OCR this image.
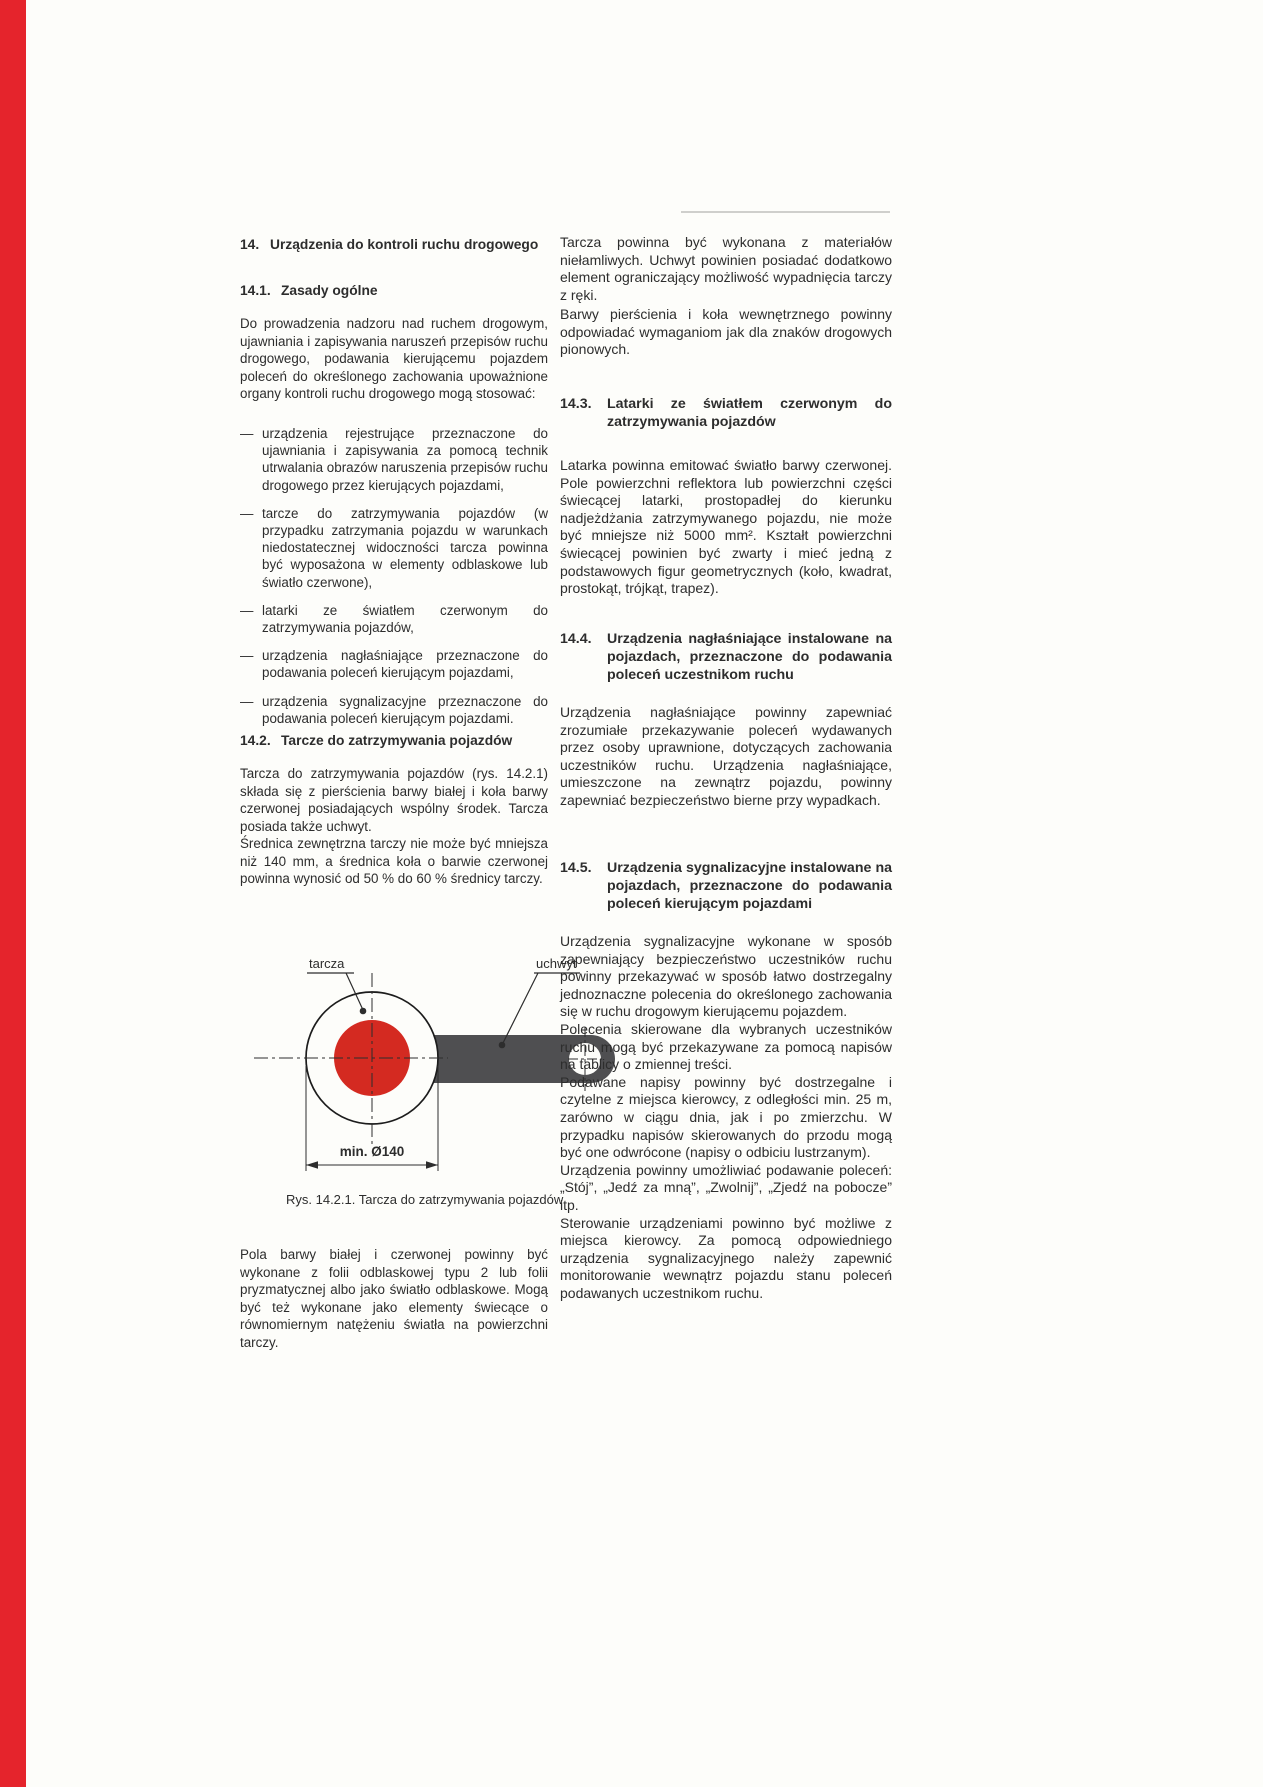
14. Urządzenia do kontroli ruchu drogowego
14.1. Zasady ogólne

Do prowadzenia nadzoru nad ruchem drogowym, ujawniania i zapisywania naruszeń przepisów ruchu drogowego, podawania kierującemu pojazdem poleceń do określonego zachowania upoważnione organy kontroli ruchu drogowego mogą stosować:

— urządzenia rejestrujące przeznaczone do ujawniania i zapisywania za pomocą technik utrwalania obrazów naruszenia przepisów ruchu drogowego przez kierujących pojazdami,
— tarcze do zatrzymywania pojazdów (w przypadku zatrzymania pojazdu w warunkach niedostatecznej widoczności tarcza powinna być wyposażona w elementy odblaskowe lub światło czerwone),
— latarki ze światłem czerwonym do zatrzymywania pojazdów,
— urządzenia nagłaśniające przeznaczone do podawania poleceń kierującym pojazdami,
— urządzenia sygnalizacyjne przeznaczone do podawania poleceń kierującym pojazdami.
14.2. Tarcze do zatrzymywania pojazdów

Tarcza do zatrzymywania pojazdów (rys. 14.2.1) składa się z pierścienia barwy białej i koła barwy czerwonej posiadających wspólny środek. Tarcza posiada także uchwyt.

Średnica zewnętrzna tarczy nie może być mniejsza niż 140 mm, a średnica koła o barwie czerwonej powinna wynosić od 50 % do 60 % średnicy tarczy.

min. Ø140
tarcza	uchwyt
Rys. 14.2.1. Tarcza do zatrzymywania pojazdów

Pola barwy białej i czerwonej powinny być wykonane z folii odblaskowej typu 2 lub folii pryzmatycznej albo jako światło odblaskowe. Mogą być też wykonane jako elementy świecące o równomiernym natężeniu światła na powierzchni tarczy.

Tarcza powinna być wykonana z materiałów niełamliwych. Uchwyt powinien posiadać dodatkowo element ograniczający możliwość wypadnięcia tarczy z ręki.

Barwy pierścienia i koła wewnętrznego powinny odpowiadać wymaganiom jak dla znaków drogowych pionowych.

14.3.	Latarki ze światłem czerwonym do zatrzymywania pojazdów

Latarka powinna emitować światło barwy czerwonej. Pole powierzchni reflektora lub powierzchni części świecącej latarki, prostopadłej do kierunku nadjeżdżania zatrzymywanego pojazdu, nie może być mniejsze niż 5000 mm². Kształt powierzchni świecącej powinien być zwarty i mieć jedną z podstawowych figur geometrycznych (koło, kwadrat, prostokąt, trójkąt, trapez).

14.4.	Urządzenia nagłaśniające instalowane na pojazdach, przeznaczone do podawania poleceń uczestnikom ruchu

Urządzenia nagłaśniające powinny zapewniać zrozumiałe przekazywanie poleceń wydawanych przez osoby uprawnione, dotyczących zachowania uczestników ruchu. Urządzenia nagłaśniające, umieszczone na zewnątrz pojazdu, powinny zapewniać bezpieczeństwo bierne przy wypadkach.

14.5.	Urządzenia sygnalizacyjne instalowane na pojazdach, przeznaczone do podawania poleceń kierującym pojazdami

Urządzenia sygnalizacyjne wykonane w sposób zapewniający bezpieczeństwo uczestników ruchu powinny przekazywać w sposób łatwo dostrzegalny jednoznaczne polecenia do określonego zachowania się w ruchu drogowym kierującemu pojazdem.

Polecenia skierowane dla wybranych uczestników ruchu mogą być przekazywane za pomocą napisów na tablicy o zmiennej treści.

Podawane napisy powinny być dostrzegalne i czytelne z miejsca kierowcy, z odległości min. 25 m, zarówno w ciągu dnia, jak i po zmierzchu. W przypadku napisów skierowanych do przodu mogą być one odwrócone (napisy o odbiciu lustrzanym).

Urządzenia powinny umożliwiać podawanie poleceń: „Stój”, „Jedź za mną”, „Zwolnij”, „Zjedź na pobocze” itp.

Sterowanie urządzeniami powinno być możliwe z miejsca kierowcy. Za pomocą odpowiedniego urządzenia sygnalizacyjnego należy zapewnić monitorowanie wewnątrz pojazdu stanu poleceń podawanych uczestnikom ruchu.
